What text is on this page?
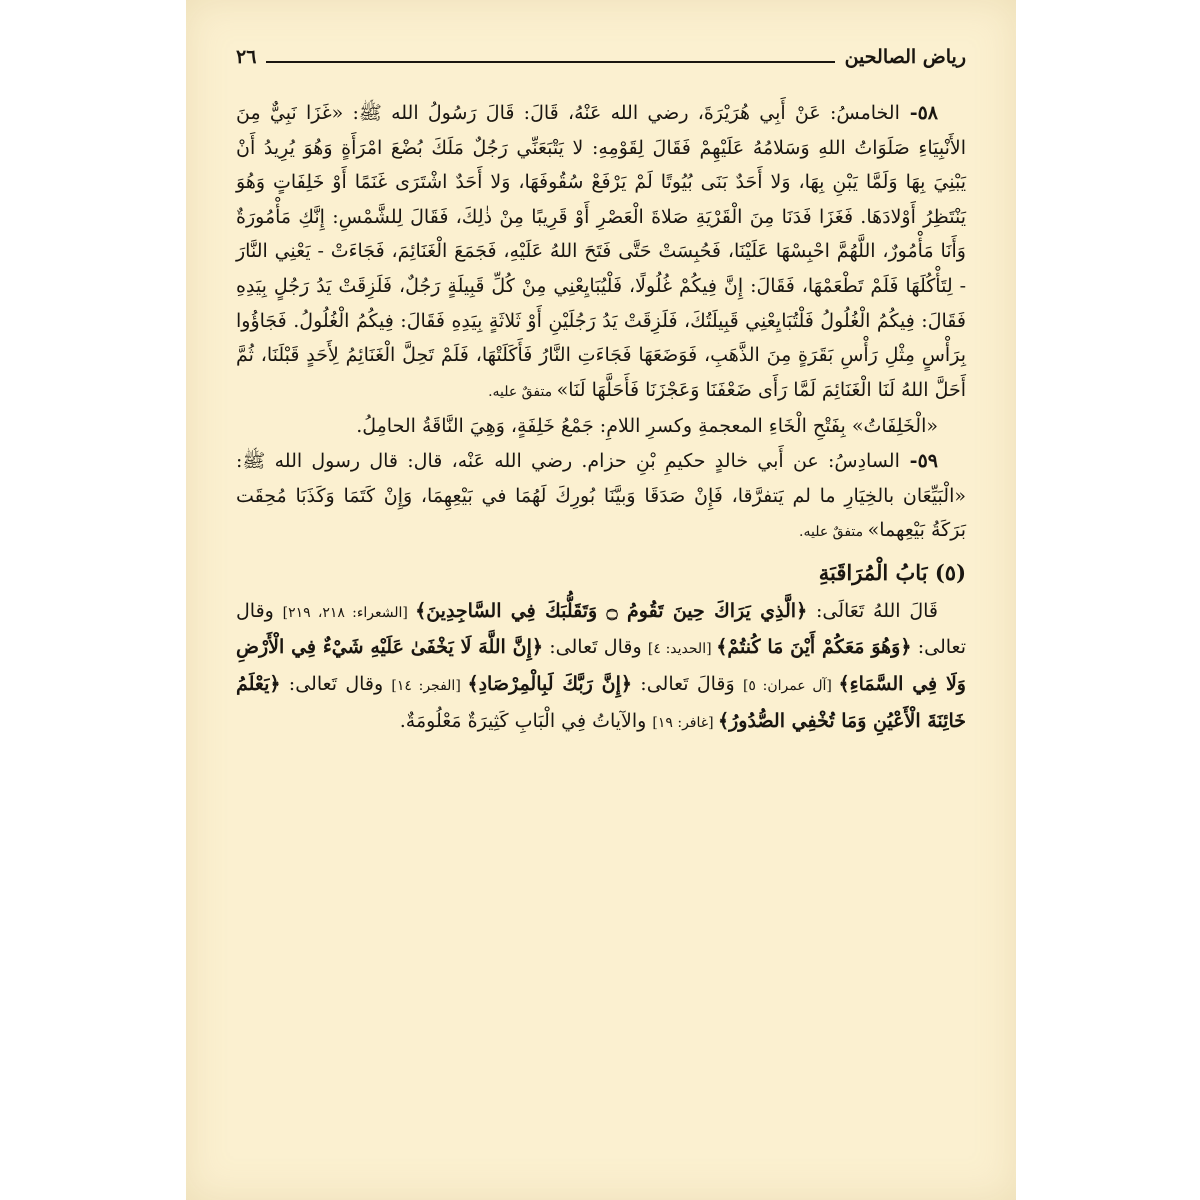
رياض الصالحين
٢٦

٥٨- الخامسُ: عَنْ أَبِي هُرَيْرَةَ، رضي الله عَنْهُ، قَالَ: قَالَ رَسُولُ الله ﷺ: «غَزَا نَبِيٌّ مِنَ الأَنْبِيَاءِ صَلَوَاتُ اللهِ وَسَلامُهُ عَلَيْهِمْ فَقَالَ لِقَوْمِهِ: لا يَتْبَعَنِّي رَجُلٌ مَلَكَ بُضْعَ امْرَأَةٍ وَهُوَ يُرِيدُ أَنْ يَبْنِيَ بِهَا وَلَمَّا يَبْنِ بِهَا، وَلا أَحَدٌ بَنَى بُيُوتًا لَمْ يَرْفَعْ سُقُوفَهَا، وَلا أَحَدٌ اشْتَرَى غَنَمًا أَوْ خَلِفَاتٍ وَهُوَ يَنْتَظِرُ أَوْلادَهَا. فَغَزَا فَدَنَا مِنَ الْقَرْيَةِ صَلاةَ الْعَصْرِ أَوْ قَرِيبًا مِنْ ذٰلِكَ، فَقَالَ لِلشَّمْسِ: إِنَّكِ مَأْمُورَةٌ وَأَنَا مَأْمُورٌ، اللَّهُمَّ احْبِسْهَا عَلَيْنَا، فَحُبِسَتْ حَتَّى فَتَحَ اللهُ عَلَيْهِ، فَجَمَعَ الْغَنَائِمَ، فَجَاءَتْ - يَعْنِي النَّارَ - لِتَأْكُلَهَا فَلَمْ تَطْعَمْهَا، فَقَالَ: إِنَّ فِيكُمْ غُلُولًا، فَلْيُبَايِعْنِي مِنْ كُلِّ قَبِيلَةٍ رَجُلٌ، فَلَزِقَتْ يَدُ رَجُلٍ بِيَدِهِ فَقَالَ: فِيكُمُ الْغُلُولُ فَلْتُبَايِعْنِي قَبِيلَتُكَ، فَلَزِقَتْ يَدُ رَجُلَيْنِ أَوْ ثَلاثَةٍ بِيَدِهِ فَقَالَ: فِيكُمُ الْغُلُولُ. فَجَاؤُوا بِرَأْسٍ مِثْلِ رَأْسِ بَقَرَةٍ مِنَ الذَّهَبِ، فَوَضَعَهَا فَجَاءَتِ النَّارُ فَأَكَلَتْهَا، فَلَمْ تَحِلَّ الْغَنَائِمُ لِأَحَدٍ قَبْلَنَا، ثُمَّ أَحَلَّ اللهُ لَنَا الْغَنَائِمَ لَمَّا رَأَى ضَعْفَنَا وَعَجْزَنَا فَأَحَلَّهَا لَنَا» متفقٌ عليه.

«الْخَلِفَاتُ» بِفَتْحِ الْخَاءِ المعجمةِ وكسرِ اللامِ: جَمْعُ خَلِفَةٍ، وَهِيَ النَّاقَةُ الحامِلُ.

٥٩- السادِسُ: عن أَبي خالدٍ حكيمِ بْنِ حزام. رضي الله عَنْه، قال: قال رسول الله ﷺ: «الْبَيِّعَان بالخِيَارِ ما لم يَتفرَّقا، فَإِنْ صَدَقَا وَبيَّنَا بُورِكَ لَهُمَا في بَيْعِهِمَا، وَإِنْ كَتَمَا وَكَذَبَا مُحِقَت بَرَكَةُ بَيْعِهما» متفقٌ عليه.

(٥) بَابُ الْمُرَاقَبَةِ

قَالَ اللهُ تَعَالَى: ﴿الَّذِي يَرَاكَ حِينَ تَقُومُ ۝ وَتَقَلُّبَكَ فِي السَّاجِدِينَ﴾ [الشعراء: ٢١٨، ٢١٩] وقال تعالى: ﴿وَهُوَ مَعَكُمْ أَيْنَ مَا كُنتُمْ﴾ [الحديد: ٤] وقال تَعالى: ﴿إِنَّ اللَّهَ لَا يَخْفَىٰ عَلَيْهِ شَيْءٌ فِي الْأَرْضِ وَلَا فِي السَّمَاءِ﴾ [آل عمران: ٥] وَقالَ تَعالى: ﴿إِنَّ رَبَّكَ لَبِالْمِرْصَادِ﴾ [الفجر: ١٤] وقال تَعالى: ﴿يَعْلَمُ خَائِنَةَ الْأَعْيُنِ وَمَا تُخْفِي الصُّدُورُ﴾ [غافر: ١٩] والآياتُ فِي الْبَابِ كَثِيرَةٌ مَعْلُومَةٌ.
